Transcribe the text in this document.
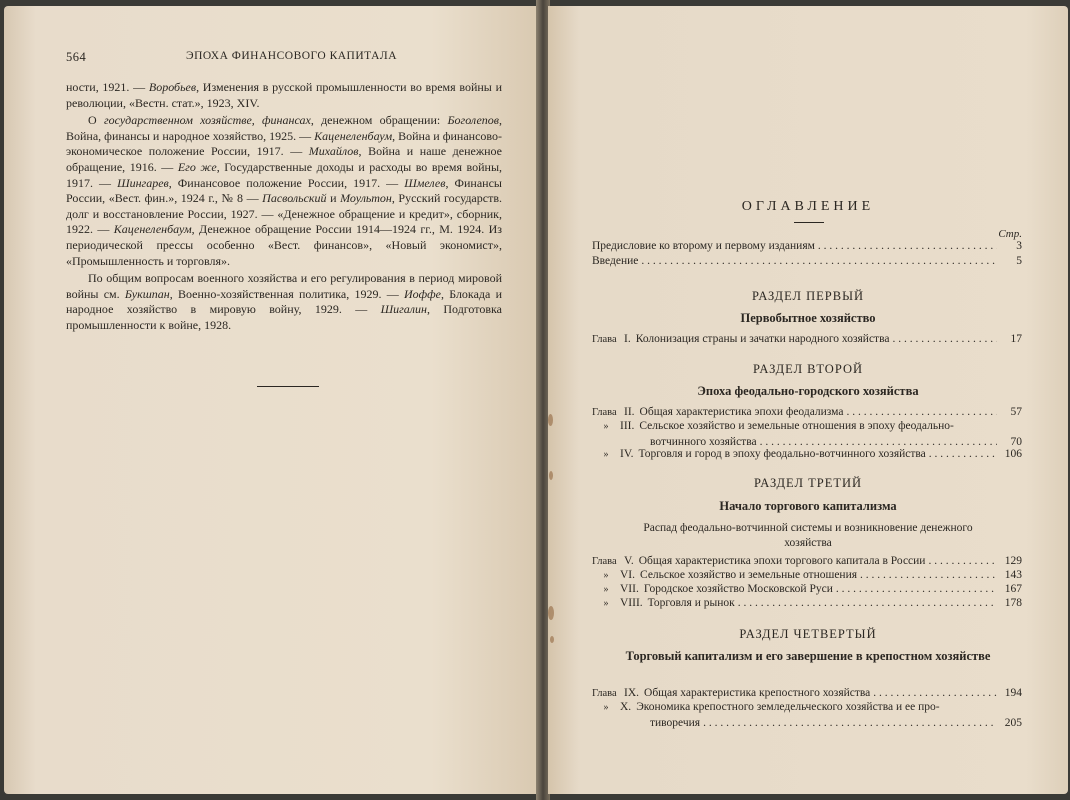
564	ЭПОХА ФИНАНСОВОГО КАПИТАЛА

ности, 1921. — Воробьев, Изменения в русской промышленности во время войны и революции, «Вестн. стат.», 1923, XIV.

О государственном хозяйстве, финансах, денежном обращении: Боголепов, Война, финансы и народное хозяйство, 1925. — Каценеленбаум, Война и финансово-экономическое положение России, 1917. — Михайлов, Война и наше денежное обращение, 1916. — Его же, Государственные доходы и расходы во время войны, 1917. — Шингарев, Финансовое положение России, 1917. — Шмелев, Финансы России, «Вест. фин.», 1924 г., № 8 — Пасвольский и Моультон, Русский государств. долг и восстановление России, 1927. — «Денежное обращение и кредит», сборник, 1922. — Каценеленбаум, Денежное обращение России 1914—1924 гг., М. 1924. Из периодической прессы особенно «Вест. финансов», «Новый экономист», «Промышленность и торговля».

По общим вопросам военного хозяйства и его регулирования в период мировой войны см. Букшпан, Военно-хозяйственная политика, 1929. — Иоффе, Блокада и народное хозяйство в мировую войну, 1929. — Шигалин, Подготовка промышленности к войне, 1928.

ОГЛАВЛЕНИЕ
Стр.
Предисловие ко второму и первому изданиям . . .	3
Введение . . .	5
РАЗДЕЛ ПЕРВЫЙ
Первобытное хозяйство
Глава I. Колонизация страны и зачатки народного хозяйства . . .	17
РАЗДЕЛ ВТОРОЙ
Эпоха феодально-городского хозяйства
Глава II. Общая характеристика эпохи феодализма . . .	57
»	III. Сельское хозяйство и земельные отношения в эпоху феодально-
вотчинного хозяйства . . .	70
»	IV. Торговля и город в эпоху феодально-вотчинного хозяйства . . .	106
РАЗДЕЛ ТРЕТИЙ
Начало торгового капитализма
Распад феодально-вотчинной системы и возникновение денежного хозяйства
Глава V. Общая характеристика эпохи торгового капитала в России . . .	129
»	VI. Сельское хозяйство и земельные отношения . . .	143
»	VII. Городское хозяйство Московской Руси . . .	167
»	VIII. Торговля и рынок . . .	178
РАЗДЕЛ ЧЕТВЕРТЫЙ
Торговый капитализм и его завершение в крепостном хозяйстве
Глава IX. Общая характеристика крепостного хозяйства . . .	194
»	X. Экономика крепостного земледельческого хозяйства и ее про-
тиворечия . . .	205
